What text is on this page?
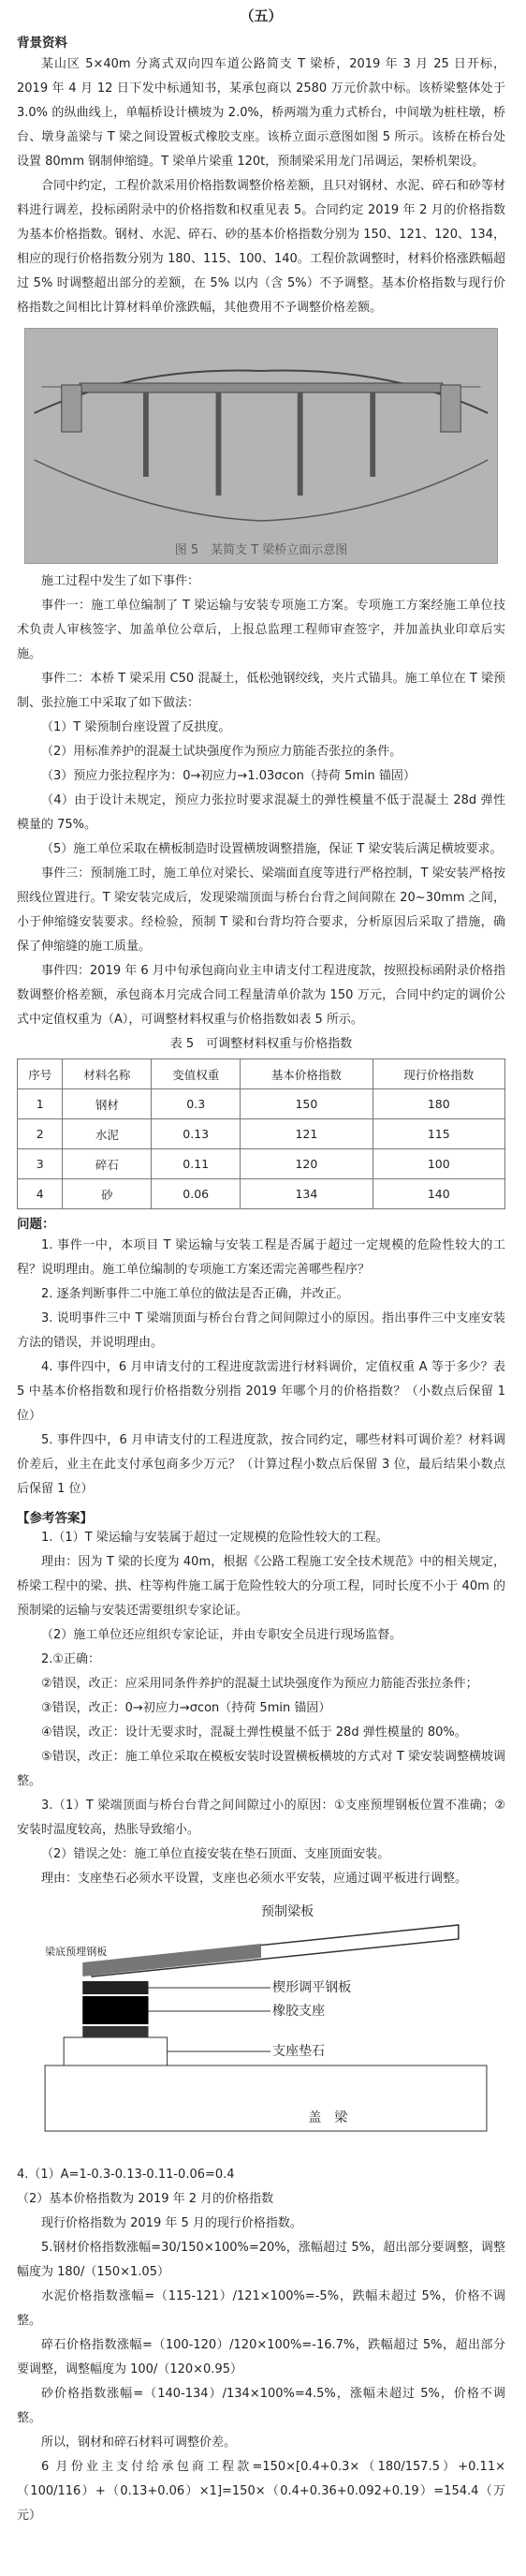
（五）
背景资料

某山区 5×40m 分离式双向四车道公路简支 T 梁桥，2019 年 3 月 25 日开标，2019 年 4 月 12 日下发中标通知书，某承包商以 2580 万元价款中标。该桥梁整体处于 3.0% 的纵曲线上，单幅桥设计横坡为 2.0%，桥两端为重力式桥台，中间墩为桩柱墩，桥台、墩身盖梁与 T 梁之间设置板式橡胶支座。该桥立面示意图如图 5 所示。该桥在桥台处设置 80mm 钢制伸缩缝。T 梁单片梁重 120t，预制梁采用龙门吊调运，架桥机架设。

合同中约定，工程价款采用价格指数调整价格差额，且只对钢材、水泥、碎石和砂等材料进行调差，投标函附录中的价格指数和权重见表 5。合同约定 2019 年 2 月的价格指数为基本价格指数。钢材、水泥、碎石、砂的基本价格指数分别为 150、121、120、134，相应的现行价格指数分别为 180、115、100、140。工程价款调整时，材料价格涨跌幅超过 5% 时调整超出部分的差额，在 5% 以内（含 5%）不予调整。基本价格指数与现行价格指数之间相比计算材料单价涨跌幅，其他费用不予调整价格差额。

图 5　某简支 T 梁桥立面示意图

施工过程中发生了如下事件：

事件一：施工单位编制了 T 梁运输与安装专项施工方案。专项施工方案经施工单位技术负责人审核签字、加盖单位公章后，上报总监理工程师审查签字，并加盖执业印章后实施。

事件二：本桥 T 梁采用 C50 混凝土，低松弛钢绞线，夹片式锚具。施工单位在 T 梁预制、张拉施工中采取了如下做法：

（1）T 梁预制台座设置了反拱度。

（2）用标准养护的混凝土试块强度作为预应力筋能否张拉的条件。

（3）预应力张拉程序为：0→初应力→1.03σcon（持荷 5min 锚固）

（4）由于设计未规定，预应力张拉时要求混凝土的弹性模量不低于混凝土 28d 弹性模量的 75%。

（5）施工单位采取在横板制造时设置横坡调整措施，保证 T 梁安装后满足横坡要求。

事件三：预制施工时，施工单位对梁长、梁端面直度等进行严格控制，T 梁安装严格按照线位置进行。T 梁安装完成后，发现梁端顶面与桥台台背之间间隙在 20~30mm 之间，小于伸缩缝安装要求。经检验，预制 T 梁和台背均符合要求，分析原因后采取了措施，确保了伸缩缝的施工质量。

事件四：2019 年 6 月中旬承包商向业主申请支付工程进度款，按照投标函附录价格指数调整价格差额，承包商本月完成合同工程量清单价款为 150 万元，合同中约定的调价公式中定值权重为（A），可调整材料权重与价格指数如表 5 所示。

表 5　可调整材料权重与价格指数
序号	材料名称	变值权重	基本价格指数	现行价格指数
1	钢材	0.3	150	180
2	水泥	0.13	121	115
3	碎石	0.11	120	100
4	砂	0.06	134	140
问题：

1. 事件一中，本项目 T 梁运输与安装工程是否属于超过一定规模的危险性较大的工程？说明理由。施工单位编制的专项施工方案还需完善哪些程序？

2. 逐条判断事件二中施工单位的做法是否正确，并改正。

3. 说明事件三中 T 梁端顶面与桥台台背之间间隙过小的原因。指出事件三中支座安装方法的错误，并说明理由。

4. 事件四中，6 月申请支付的工程进度款需进行材料调价，定值权重 A 等于多少？表 5 中基本价格指数和现行价格指数分别指 2019 年哪个月的价格指数？（小数点后保留 1 位）

5. 事件四中，6 月申请支付的工程进度款，按合同约定，哪些材料可调价差？材料调价差后，业主在此支付承包商多少万元？（计算过程小数点后保留 3 位，最后结果小数点后保留 1 位）

【参考答案】

1.（1）T 梁运输与安装属于超过一定规模的危险性较大的工程。

理由：因为 T 梁的长度为 40m，根据《公路工程施工安全技术规范》中的相关规定，桥梁工程中的梁、拱、柱等构件施工属于危险性较大的分项工程，同时长度不小于 40m 的预制梁的运输与安装还需要组织专家论证。

（2）施工单位还应组织专家论证，并由专职安全员进行现场监督。

2.①正确：

②错误，改正：应采用同条件养护的混凝土试块强度作为预应力筋能否张拉条件；

③错误，改正：0→初应力→σcon（持荷 5min 锚固）

④错误，改正：设计无要求时，混凝土弹性模量不低于 28d 弹性模量的 80%。

⑤错误，改正：施工单位采取在模板安装时设置横板横坡的方式对 T 梁安装调整横坡调整。

3.（1）T 梁端顶面与桥台台背之间间隙过小的原因：①支座预埋钢板位置不准确；②安装时温度较高，热胀导致缩小。

（2）错误之处：施工单位直接安装在垫石顶面、支座顶面安装。

理由：支座垫石必须水平设置，支座也必须水平安装，应通过调平板进行调整。

预制梁板
梁底预埋钢板
楔形调平钢板
橡胶支座
支座垫石
盖　梁

4.（1）A=1-0.3-0.13-0.11-0.06=0.4

（2）基本价格指数为 2019 年 2 月的价格指数

现行价格指数为 2019 年 5 月的现行价格指数。

5.钢材价格指数涨幅=30/150×100%=20%，涨幅超过 5%，超出部分要调整，调整幅度为 180/（150×1.05）

水泥价格指数涨幅=（115-121）/121×100%=-5%，跌幅未超过 5%，价格不调整。

碎石价格指数涨幅=（100-120）/120×100%=-16.7%，跌幅超过 5%，超出部分要调整，调整幅度为 100/（120×0.95）

砂价格指数涨幅=（140-134）/134×100%=4.5%，涨幅未超过 5%，价格不调整。

所以，钢材和碎石材料可调整价差。

6 月份业主支付给承包商工程款=150×[0.4+0.3×（180/157.5）+0.11×（100/116）+（0.13+0.06）×1]=150×（0.4+0.36+0.092+0.19）=154.4（万元）
